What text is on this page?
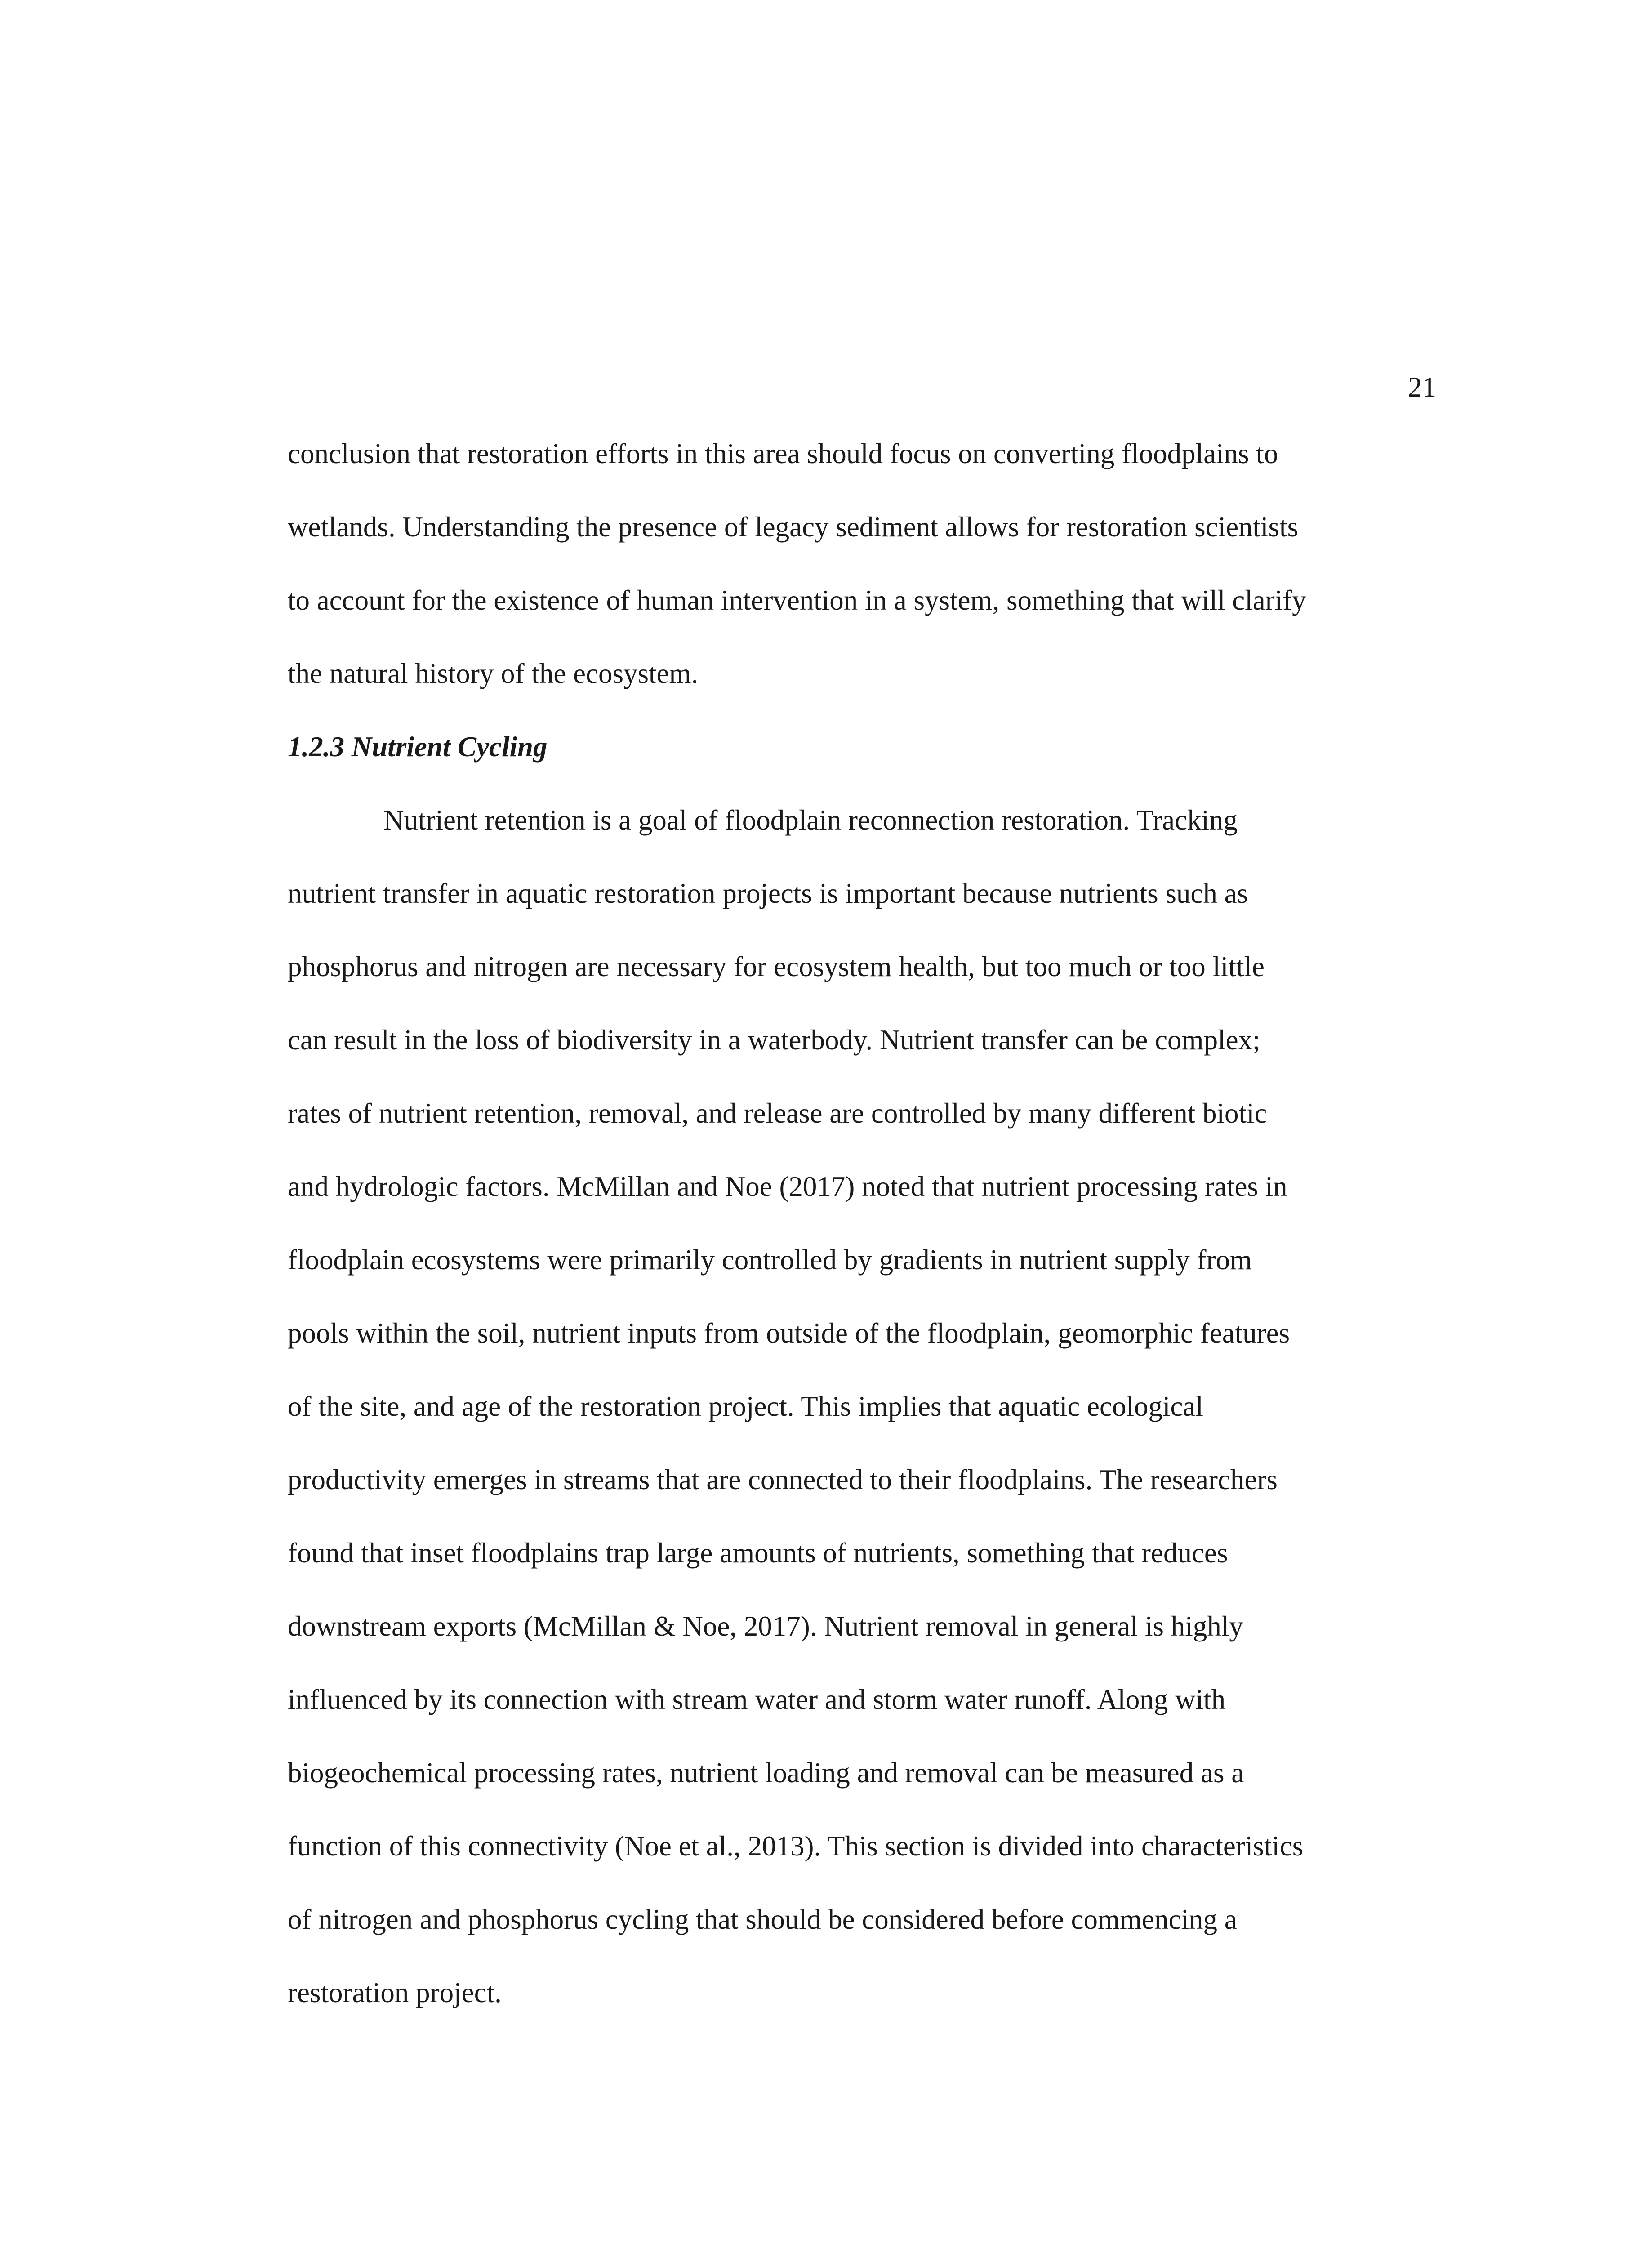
21
conclusion that restoration efforts in this area should focus on converting floodplains to
wetlands. Understanding the presence of legacy sediment allows for restoration scientists
to account for the existence of human intervention in a system, something that will clarify
the natural history of the ecosystem.
1.2.3 Nutrient Cycling
Nutrient retention is a goal of floodplain reconnection restoration. Tracking
nutrient transfer in aquatic restoration projects is important because nutrients such as
phosphorus and nitrogen are necessary for ecosystem health, but too much or too little
can result in the loss of biodiversity in a waterbody. Nutrient transfer can be complex;
rates of nutrient retention, removal, and release are controlled by many different biotic
and hydrologic factors. McMillan and Noe (2017) noted that nutrient processing rates in
floodplain ecosystems were primarily controlled by gradients in nutrient supply from
pools within the soil, nutrient inputs from outside of the floodplain, geomorphic features
of the site, and age of the restoration project. This implies that aquatic ecological
productivity emerges in streams that are connected to their floodplains. The researchers
found that inset floodplains trap large amounts of nutrients, something that reduces
downstream exports (McMillan & Noe, 2017). Nutrient removal in general is highly
influenced by its connection with stream water and storm water runoff. Along with
biogeochemical processing rates, nutrient loading and removal can be measured as a
function of this connectivity (Noe et al., 2013). This section is divided into characteristics
of nitrogen and phosphorus cycling that should be considered before commencing a
restoration project.
